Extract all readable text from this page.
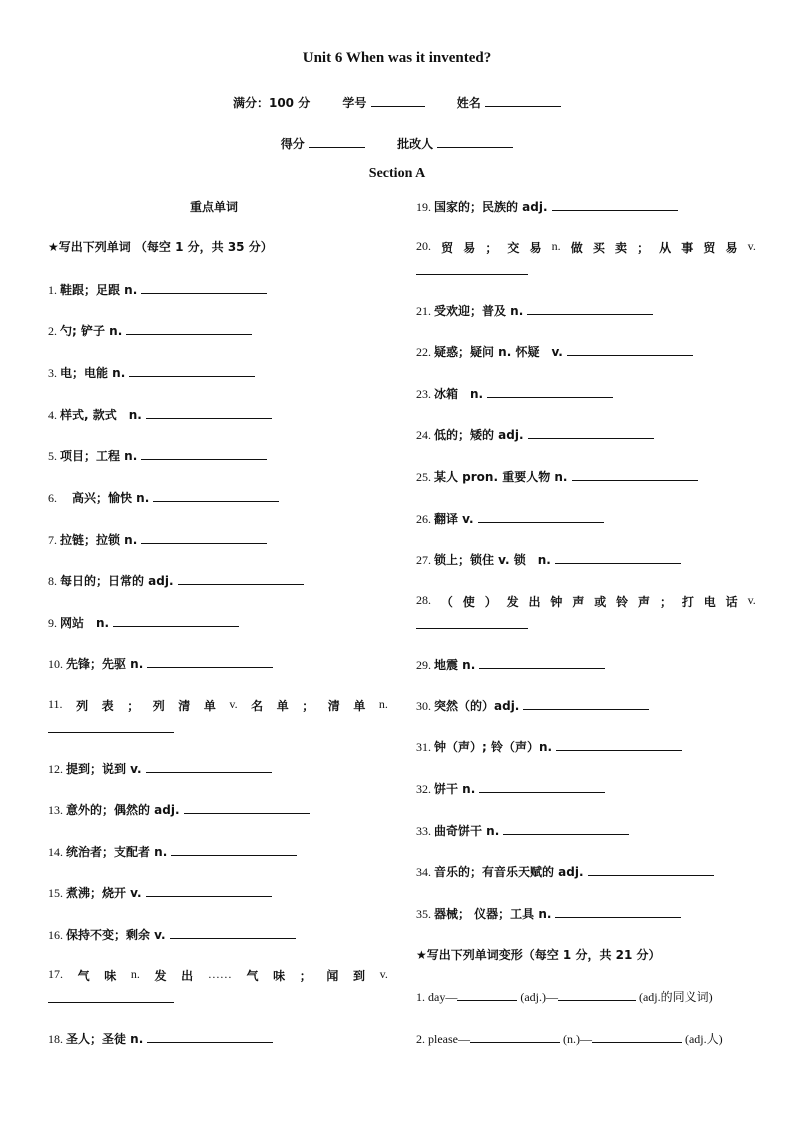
Unit 6 When was it invented?
满分：100 分	学号	姓名
得分	批改人
Section A
重点单词
★写出下列单词 （每空 1 分，共 35 分）
1. 鞋跟；足跟 n.
2. 勺; 铲子 n.
3. 电；电能 n.
4. 样式, 款式　n.
5. 项目；工程 n.
6. 　高兴；愉快 n.
7. 拉链；拉锁 n.
8. 每日的；日常的 adj.
9. 网站　n.
10. 先锋；先驱 n.
11. 列 表 ； 列 清 单 v. 名 单 ； 清 单 n.
12. 提到；说到 v.
13. 意外的；偶然的 adj.
14. 统治者；支配者 n.
15. 煮沸；烧开 v.
16. 保持不变；剩余 v.
17. 气 味 n. 发 出 …… 气 味 ； 闻 到 v.
18. 圣人；圣徒 n.
19. 国家的；民族的 adj.
20. 贸 易 ； 交 易 n. 做 买 卖 ； 从 事 贸 易 v.
21. 受欢迎；普及 n.
22. 疑惑；疑问 n. 怀疑　v.
23. 冰箱　n.
24. 低的；矮的 adj.
25. 某人 pron. 重要人物 n.
26. 翻译 v.
27. 锁上；锁住 v. 锁　n.
28. （ 使 ） 发 出 钟 声 或 铃 声 ； 打 电 话 v.
29. 地震 n.
30. 突然（的）adj.
31. 钟（声）; 铃（声）n.
32. 饼干 n.
33. 曲奇饼干 n.
34. 音乐的；有音乐天赋的 adj.
35. 器械； 仪器；工具 n.
★写出下列单词变形（每空 1 分，共 21 分）
1. day—	(adj.)—	(adj.的同义词)
2. please—	(n.)—	(adj.人)
